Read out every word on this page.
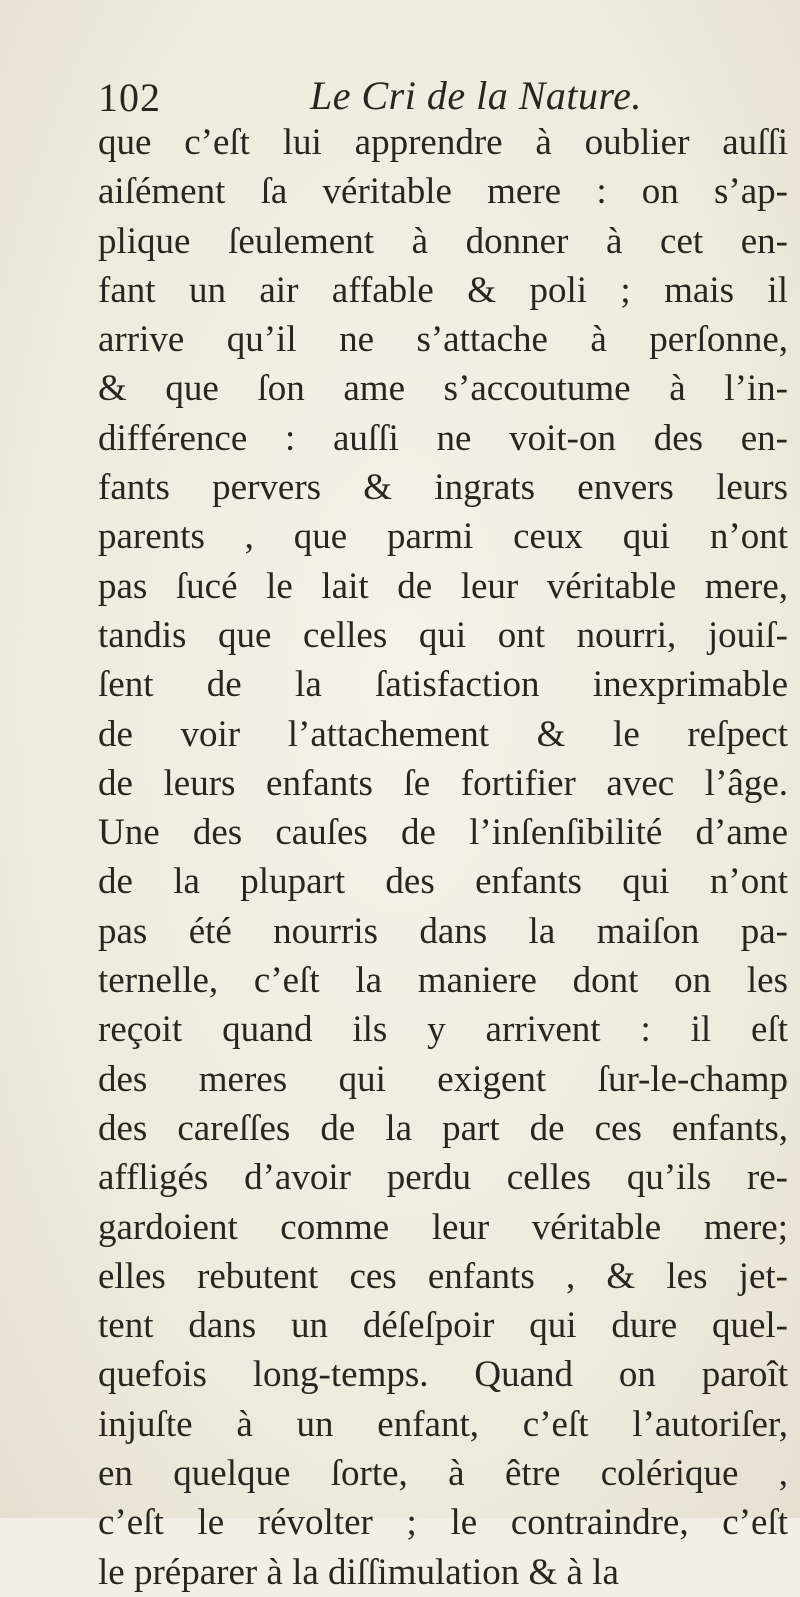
102	Le Cri de la Nature.
que c’eſt lui apprendre à oublier auſſi
aiſément ſa véritable mere : on s’ap-
plique ſeulement à donner à cet en-
fant un air affable & poli ; mais il
arrive qu’il ne s’attache à perſonne,
& que ſon ame s’accoutume à l’in-
différence : auſſi ne voit-on des en-
fants pervers & ingrats envers leurs
parents , que parmi ceux qui n’ont
pas ſucé le lait de leur véritable mere,
tandis que celles qui ont nourri, jouiſ-
ſent de la ſatisfaction inexprimable
de voir l’attachement & le reſpect
de leurs enfants ſe fortifier avec l’âge.
Une des cauſes de l’inſenſibilité d’ame
de la plupart des enfants qui n’ont
pas été nourris dans la maiſon pa-
ternelle, c’eſt la maniere dont on les
reçoit quand ils y arrivent : il eſt
des meres qui exigent ſur-le-champ
des careſſes de la part de ces enfants,
affligés d’avoir perdu celles qu’ils re-
gardoient comme leur véritable mere;
elles rebutent ces enfants , & les jet-
tent dans un déſeſpoir qui dure quel-
quefois long-temps. Quand on paroît
injuſte à un enfant, c’eſt l’autoriſer,
en quelque ſorte, à être colérique ,
c’eſt le révolter ; le contraindre, c’eſt
le préparer à la diſſimulation & à la
